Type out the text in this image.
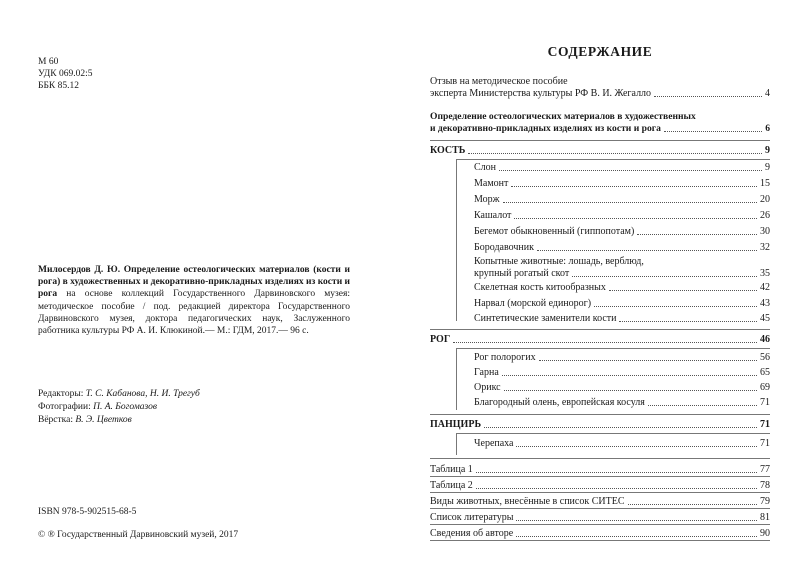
М 60
УДК 069.02:5
ББК 85.12
Милосердов Д. Ю. Определение остеологических материалов (кости и рога) в художественных и декоративно-прикладных изделиях из кости и рога на основе коллекций Государственного Дарвиновского музея: методическое пособие / под. редакцией директора Государственного Дарвиновского музея, доктора педагогических наук, Заслуженного работника культуры РФ А. И. Клюкиной.— М.: ГДМ, 2017.— 96 с.
Редакторы: Т. С. Кабанова, Н. И. Трегуб
Фотографии: П. А. Богомазов
Вёрстка: В. Э. Цветков
ISBN 978-5-902515-68-5
© ® Государственный Дарвиновский музей, 2017
СОДЕРЖАНИЕ
Отзыв на методическое пособие
эксперта Министерства культуры РФ В. И. Жегалло	4
Определение остеологических материалов в художественных
и декоративно-прикладных изделиях из кости и рога	6
КОСТЬ	9
Слон	9
Мамонт	15
Морж	20
Кашалот	26
Бегемот обыкновенный (гиппопотам)	30
Бородавочник	32
Копытные животные: лошадь, верблюд,
крупный рогатый скот	35
Скелетная кость китообразных	42
Нарвал (морской единорог)	43
Синтетические заменители кости	45
РОГ	46
Рог полорогих	56
Гарна	65
Орикс	69
Благородный олень, европейская косуля	71
ПАНЦИРЬ	71
Черепаха	71
Таблица 1	77
Таблица 2	78
Виды животных, внесённые в список СИТЕС	79
Список литературы	81
Сведения об авторе	90
